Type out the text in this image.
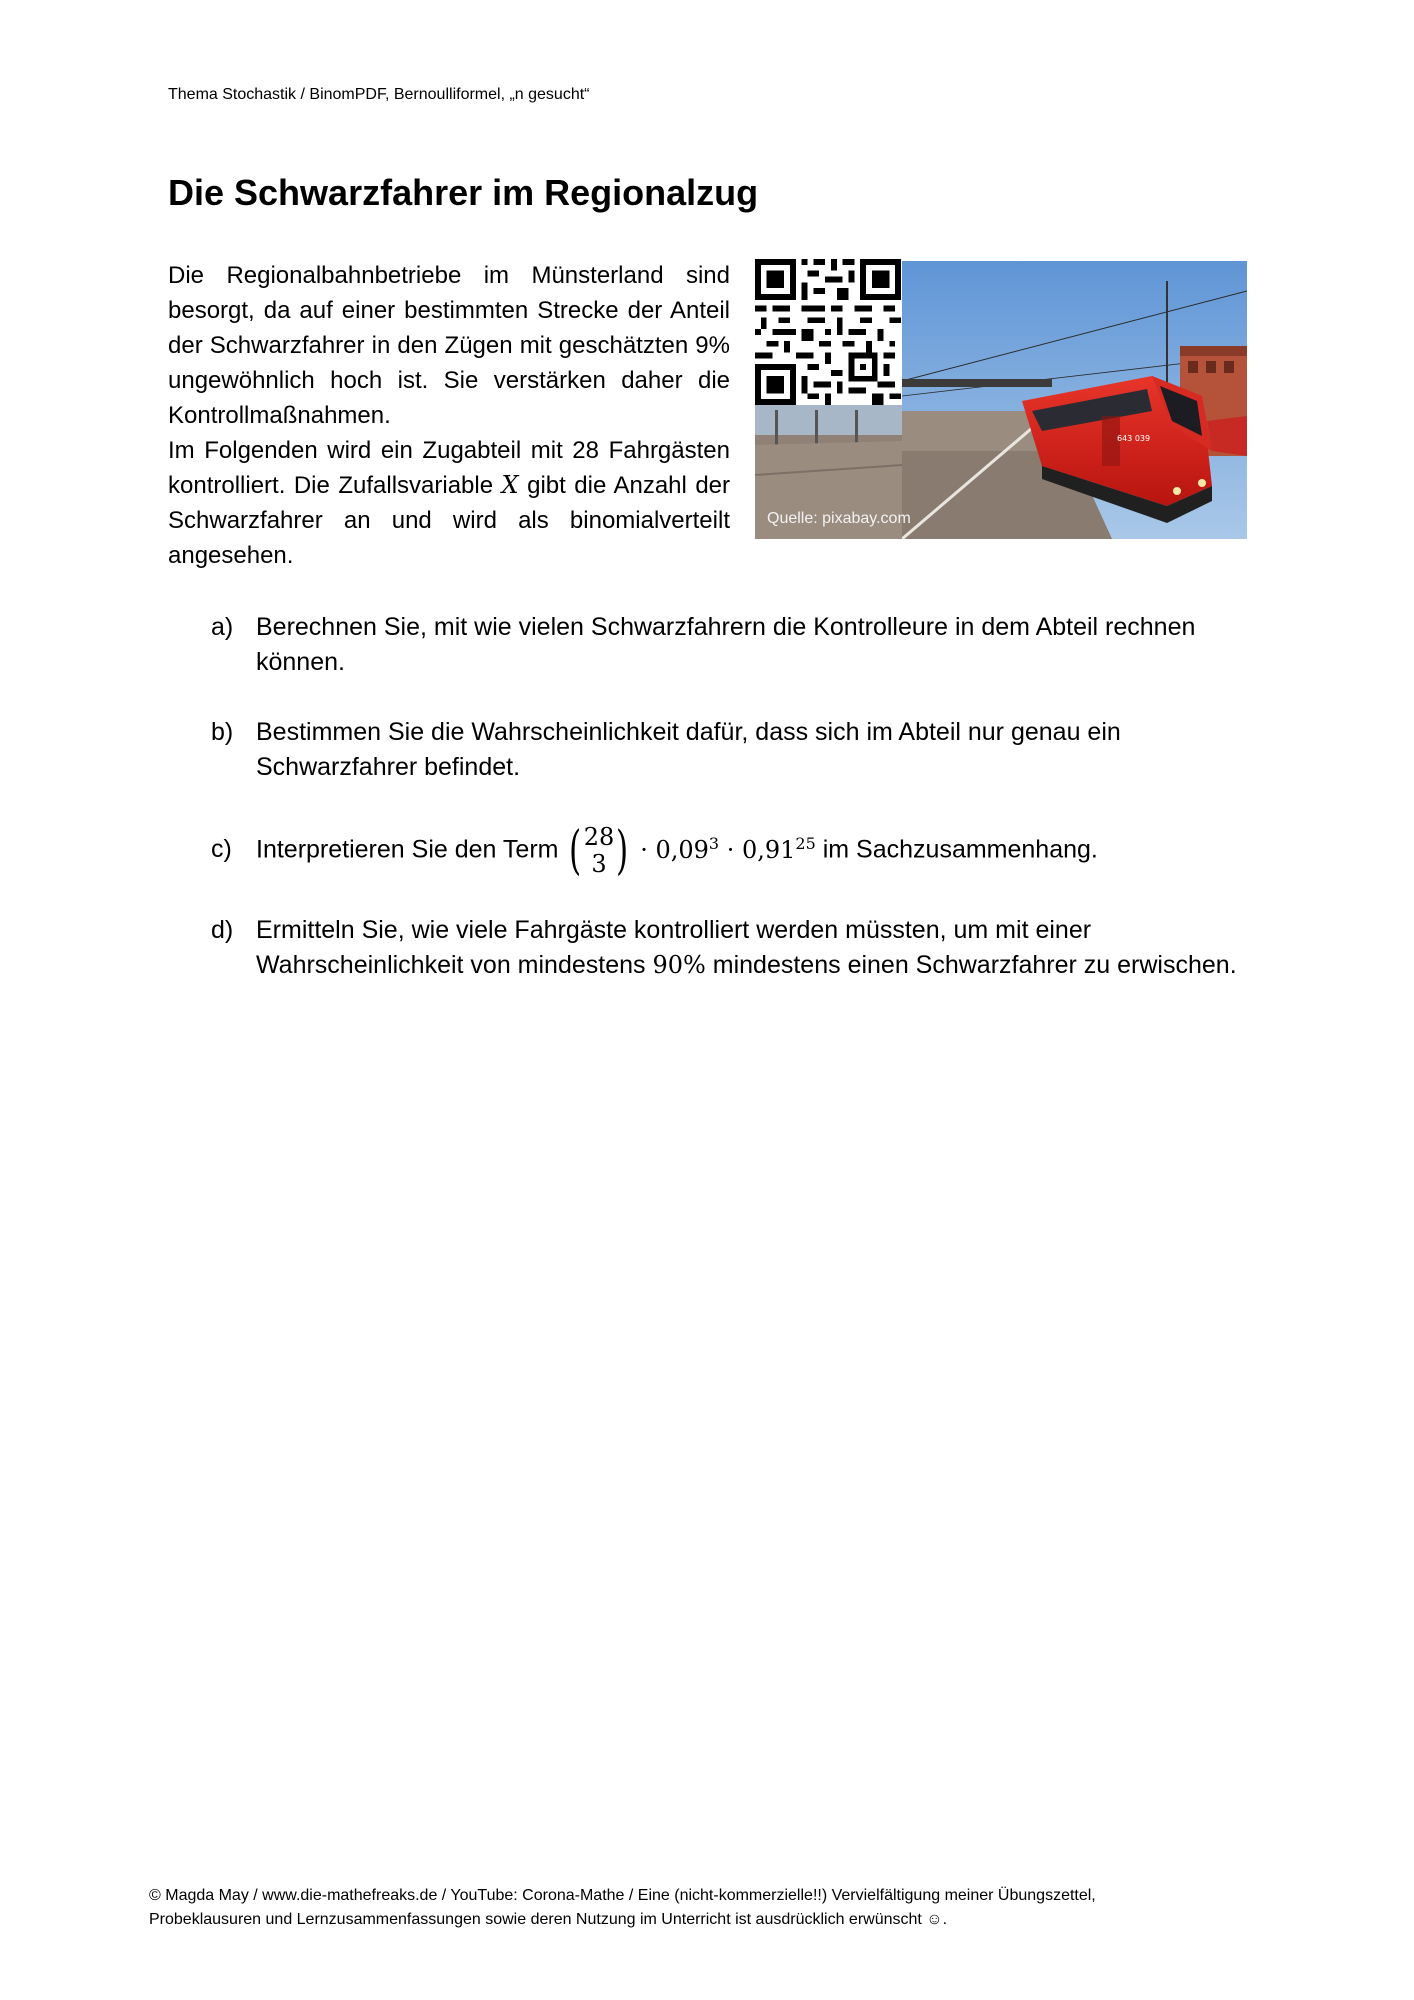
Thema Stochastik / BinomPDF, Bernoulliformel, „n gesucht“
Die Schwarzfahrer im Regionalzug

Die Regionalbahnbetriebe im Münsterland sind besorgt, da auf einer bestimmten Strecke der Anteil der Schwarzfahrer in den Zügen mit geschätzten 9% ungewöhnlich hoch ist. Sie verstärken daher die Kontrollmaßnahmen.

Im Folgenden wird ein Zugabteil mit 28 Fahrgästen kontrolliert. Die Zufallsvariable X gibt die Anzahl der Schwarzfahrer an und wird als binomialverteilt angesehen.

643 039
Quelle: pixabay.com
a) Berechnen Sie, mit wie vielen Schwarzfahrern die Kontrolleure in dem Abteil rechnen können.
b) Bestimmen Sie die Wahrscheinlichkeit dafür, dass sich im Abteil nur genau ein Schwarzfahrer befindet.
c) Interpretieren Sie den Term ( 28
3 ) · $0,09^3 \cdot 0,91^{25}$ im Sachzusammenhang.
d) Ermitteln Sie, wie viele Fahrgäste kontrolliert werden müssten, um mit einer Wahrscheinlichkeit von mindestens 90% mindestens einen Schwarzfahrer zu erwischen.
© Magda May / www.die-mathefreaks.de / YouTube: Corona-Mathe / Eine (nicht-kommerzielle!!) Vervielfältigung meiner Übungszettel,
Probeklausuren und Lernzusammenfassungen sowie deren Nutzung im Unterricht ist ausdrücklich erwünscht ☺.
